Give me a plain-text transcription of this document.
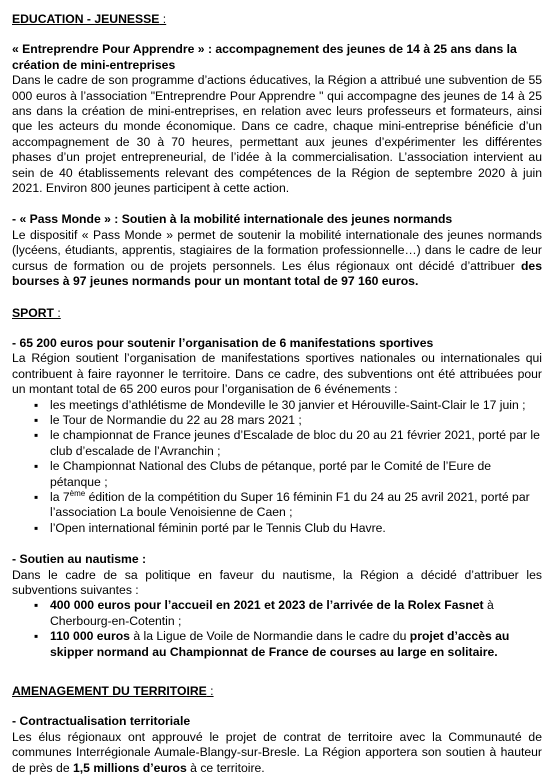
EDUCATION - JEUNESSE :
« Entreprendre Pour Apprendre » : accompagnement des jeunes de 14 à 25 ans dans la création de mini-entreprises

Dans le cadre de son programme d’actions éducatives, la Région a attribué une subvention de 55 000 euros à l’association "Entreprendre Pour Apprendre " qui accompagne des jeunes de 14 à 25 ans dans la création de mini-entreprises, en relation avec leurs professeurs et formateurs, ainsi que les acteurs du monde économique. Dans ce cadre, chaque mini-entreprise bénéficie d’un accompagnement de 30 à 70 heures, permettant aux jeunes d’expérimenter les différentes phases d’un projet entrepreneurial, de l’idée à la commercialisation. L’association intervient au sein de 40 établissements relevant des compétences de la Région de septembre 2020 à juin 2021. Environ 800 jeunes participent à cette action.

- « Pass Monde » : Soutien à la mobilité internationale des jeunes normands

Le dispositif « Pass Monde » permet de soutenir la mobilité internationale des jeunes normands (lycéens, étudiants, apprentis, stagiaires de la formation professionnelle…) dans le cadre de leur cursus de formation ou de projets personnels. Les élus régionaux ont décidé d’attribuer des bourses à 97 jeunes normands pour un montant total de 97 160 euros.

SPORT :
- 65 200 euros pour soutenir l’organisation de 6 manifestations sportives

La Région soutient l’organisation de manifestations sportives nationales ou internationales qui contribuent à faire rayonner le territoire. Dans ce cadre, des subventions ont été attribuées pour un montant total de 65 200 euros pour l’organisation de 6 événements :

▪ les meetings d’athlétisme de Mondeville le 30 janvier et Hérouville-Saint-Clair le 17 juin ;
▪ le Tour de Normandie du 22 au 28 mars 2021 ;
▪ le championnat de France jeunes d’Escalade de bloc du 20 au 21 février 2021, porté par le club d’escalade de l’Avranchin ;
▪ le Championnat National des Clubs de pétanque, porté par le Comité de l’Eure de pétanque ;
▪ la 7ème édition de la compétition du Super 16 féminin F1 du 24 au 25 avril 2021, porté par l’association La boule Venoisienne de Caen ;
▪ l’Open international féminin porté par le Tennis Club du Havre.
- Soutien au nautisme :

Dans le cadre de sa politique en faveur du nautisme, la Région a décidé d’attribuer les subventions suivantes :

▪ 400 000 euros pour l’accueil en 2021 et 2023 de l’arrivée de la Rolex Fasnet à Cherbourg-en-Cotentin ;
▪ 110 000 euros à la Ligue de Voile de Normandie dans le cadre du projet d’accès au skipper normand au Championnat de France de courses au large en solitaire.
AMENAGEMENT DU TERRITOIRE :
- Contractualisation territoriale

Les élus régionaux ont approuvé le projet de contrat de territoire avec la Communauté de communes Interrégionale Aumale-Blangy-sur-Bresle. La Région apportera son soutien à hauteur de près de 1,5 millions d’euros à ce territoire.
